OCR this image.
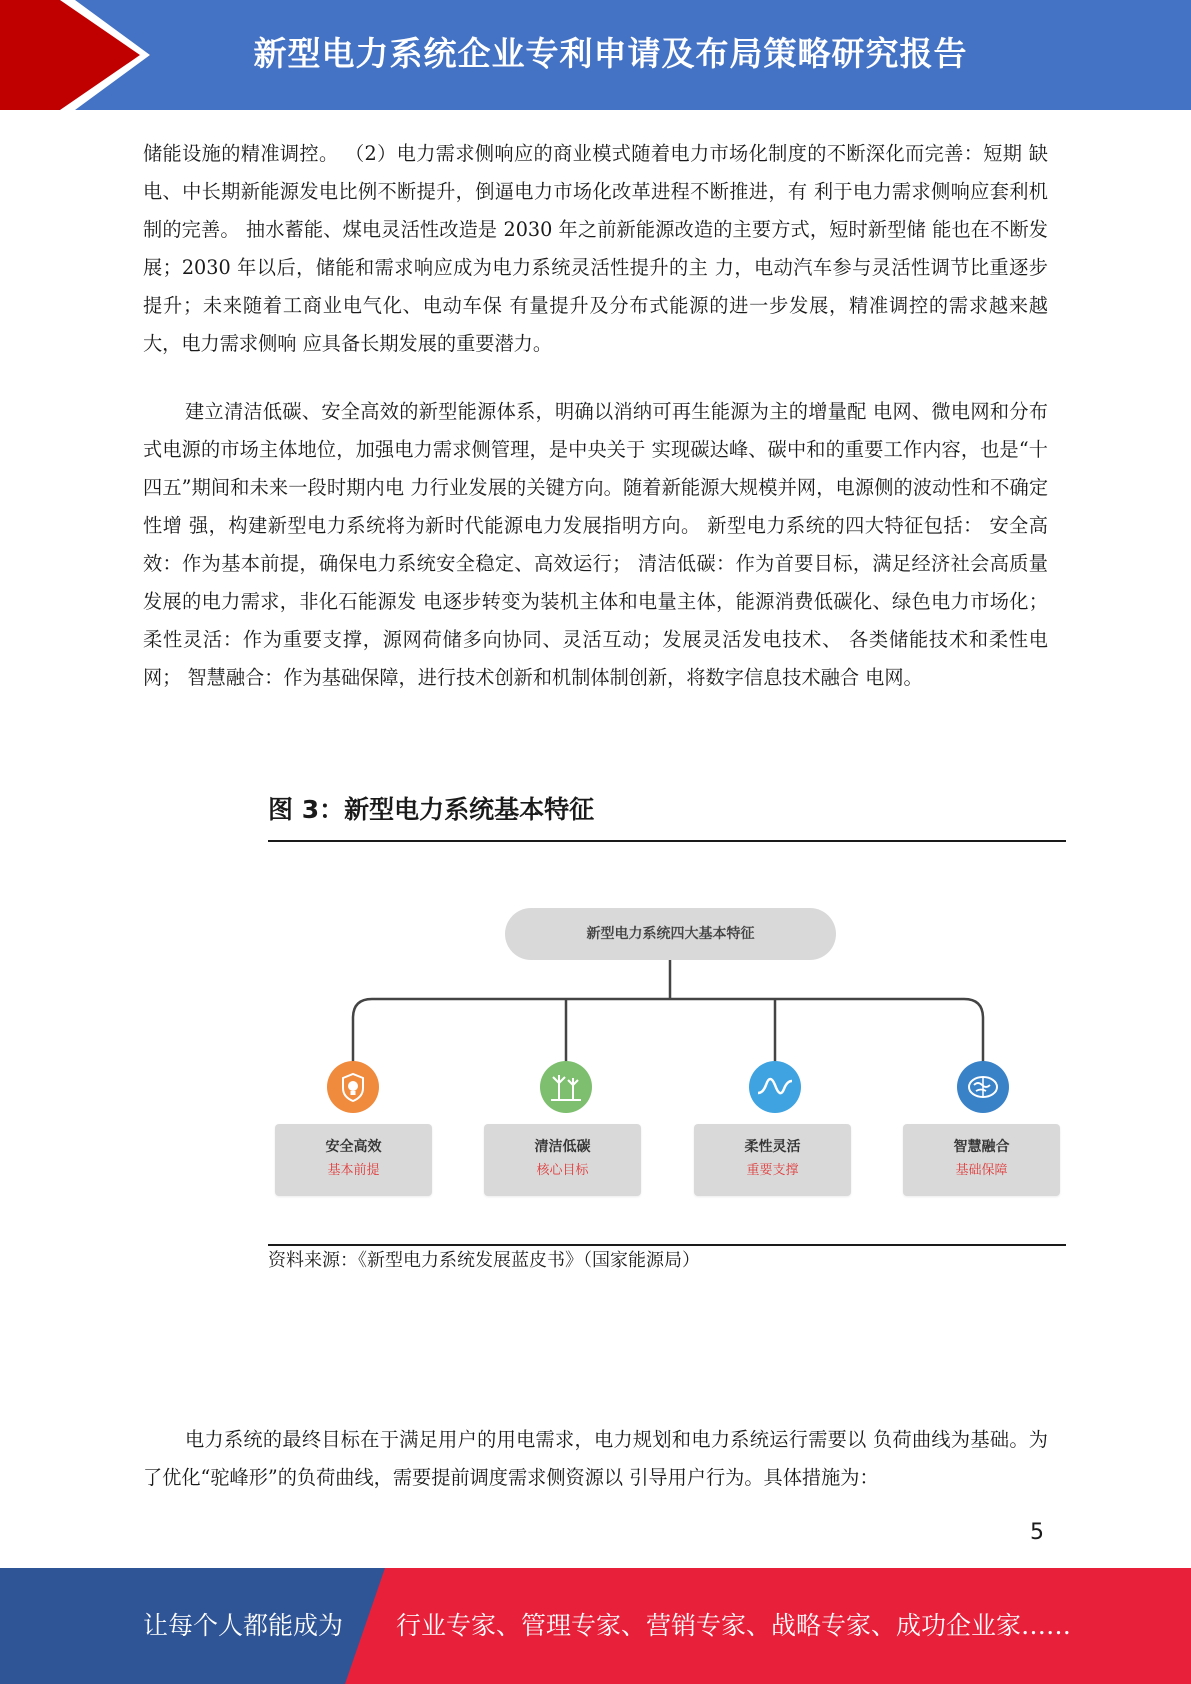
新型电力系统企业专利申请及布局策略研究报告

储能设施的精准调控。 （2）电力需求侧响应的商业模式随着电力市场化制度的不断深化而完善：短期 缺电、中长期新能源发电比例不断提升，倒逼电力市场化改革进程不断推进，有 利于电力需求侧响应套利机制的完善。 抽水蓄能、煤电灵活性改造是 2030 年之前新能源改造的主要方式，短时新型储 能也在不断发展；2030 年以后，储能和需求响应成为电力系统灵活性提升的主 力，电动汽车参与灵活性调节比重逐步提升；未来随着工商业电气化、电动车保 有量提升及分布式能源的进一步发展，精准调控的需求越来越大，电力需求侧响 应具备长期发展的重要潜力。

建立清洁低碳、安全高效的新型能源体系，明确以消纳可再生能源为主的增量配 电网、微电网和分布式电源的市场主体地位，加强电力需求侧管理，是中央关于 实现碳达峰、碳中和的重要工作内容，也是“十四五”期间和未来一段时期内电 力行业发展的关键方向。随着新能源大规模并网，电源侧的波动性和不确定性增 强，构建新型电力系统将为新时代能源电力发展指明方向。 新型电力系统的四大特征包括： 安全高效：作为基本前提，确保电力系统安全稳定、高效运行； 清洁低碳：作为首要目标，满足经济社会高质量发展的电力需求，非化石能源发 电逐步转变为装机主体和电量主体，能源消费低碳化、绿色电力市场化；柔性灵活：作为重要支撑，源网荷储多向协同、灵活互动；发展灵活发电技术、 各类储能技术和柔性电网； 智慧融合：作为基础保障，进行技术创新和机制体制创新，将数字信息技术融合 电网。

图 3：新型电力系统基本特征
新型电力系统四大基本特征
安全高效
基本前提
清洁低碳
核心目标
柔性灵活
重要支撑
智慧融合
基础保障
资料来源：《新型电力系统发展蓝皮书》（国家能源局）

电力系统的最终目标在于满足用户的用电需求，电力规划和电力系统运行需要以 负荷曲线为基础。为了优化“驼峰形”的负荷曲线，需要提前调度需求侧资源以 引导用户行为。具体措施为：

5
让每个人都能成为 行业专家、管理专家、营销专家、战略专家、成功企业家……
